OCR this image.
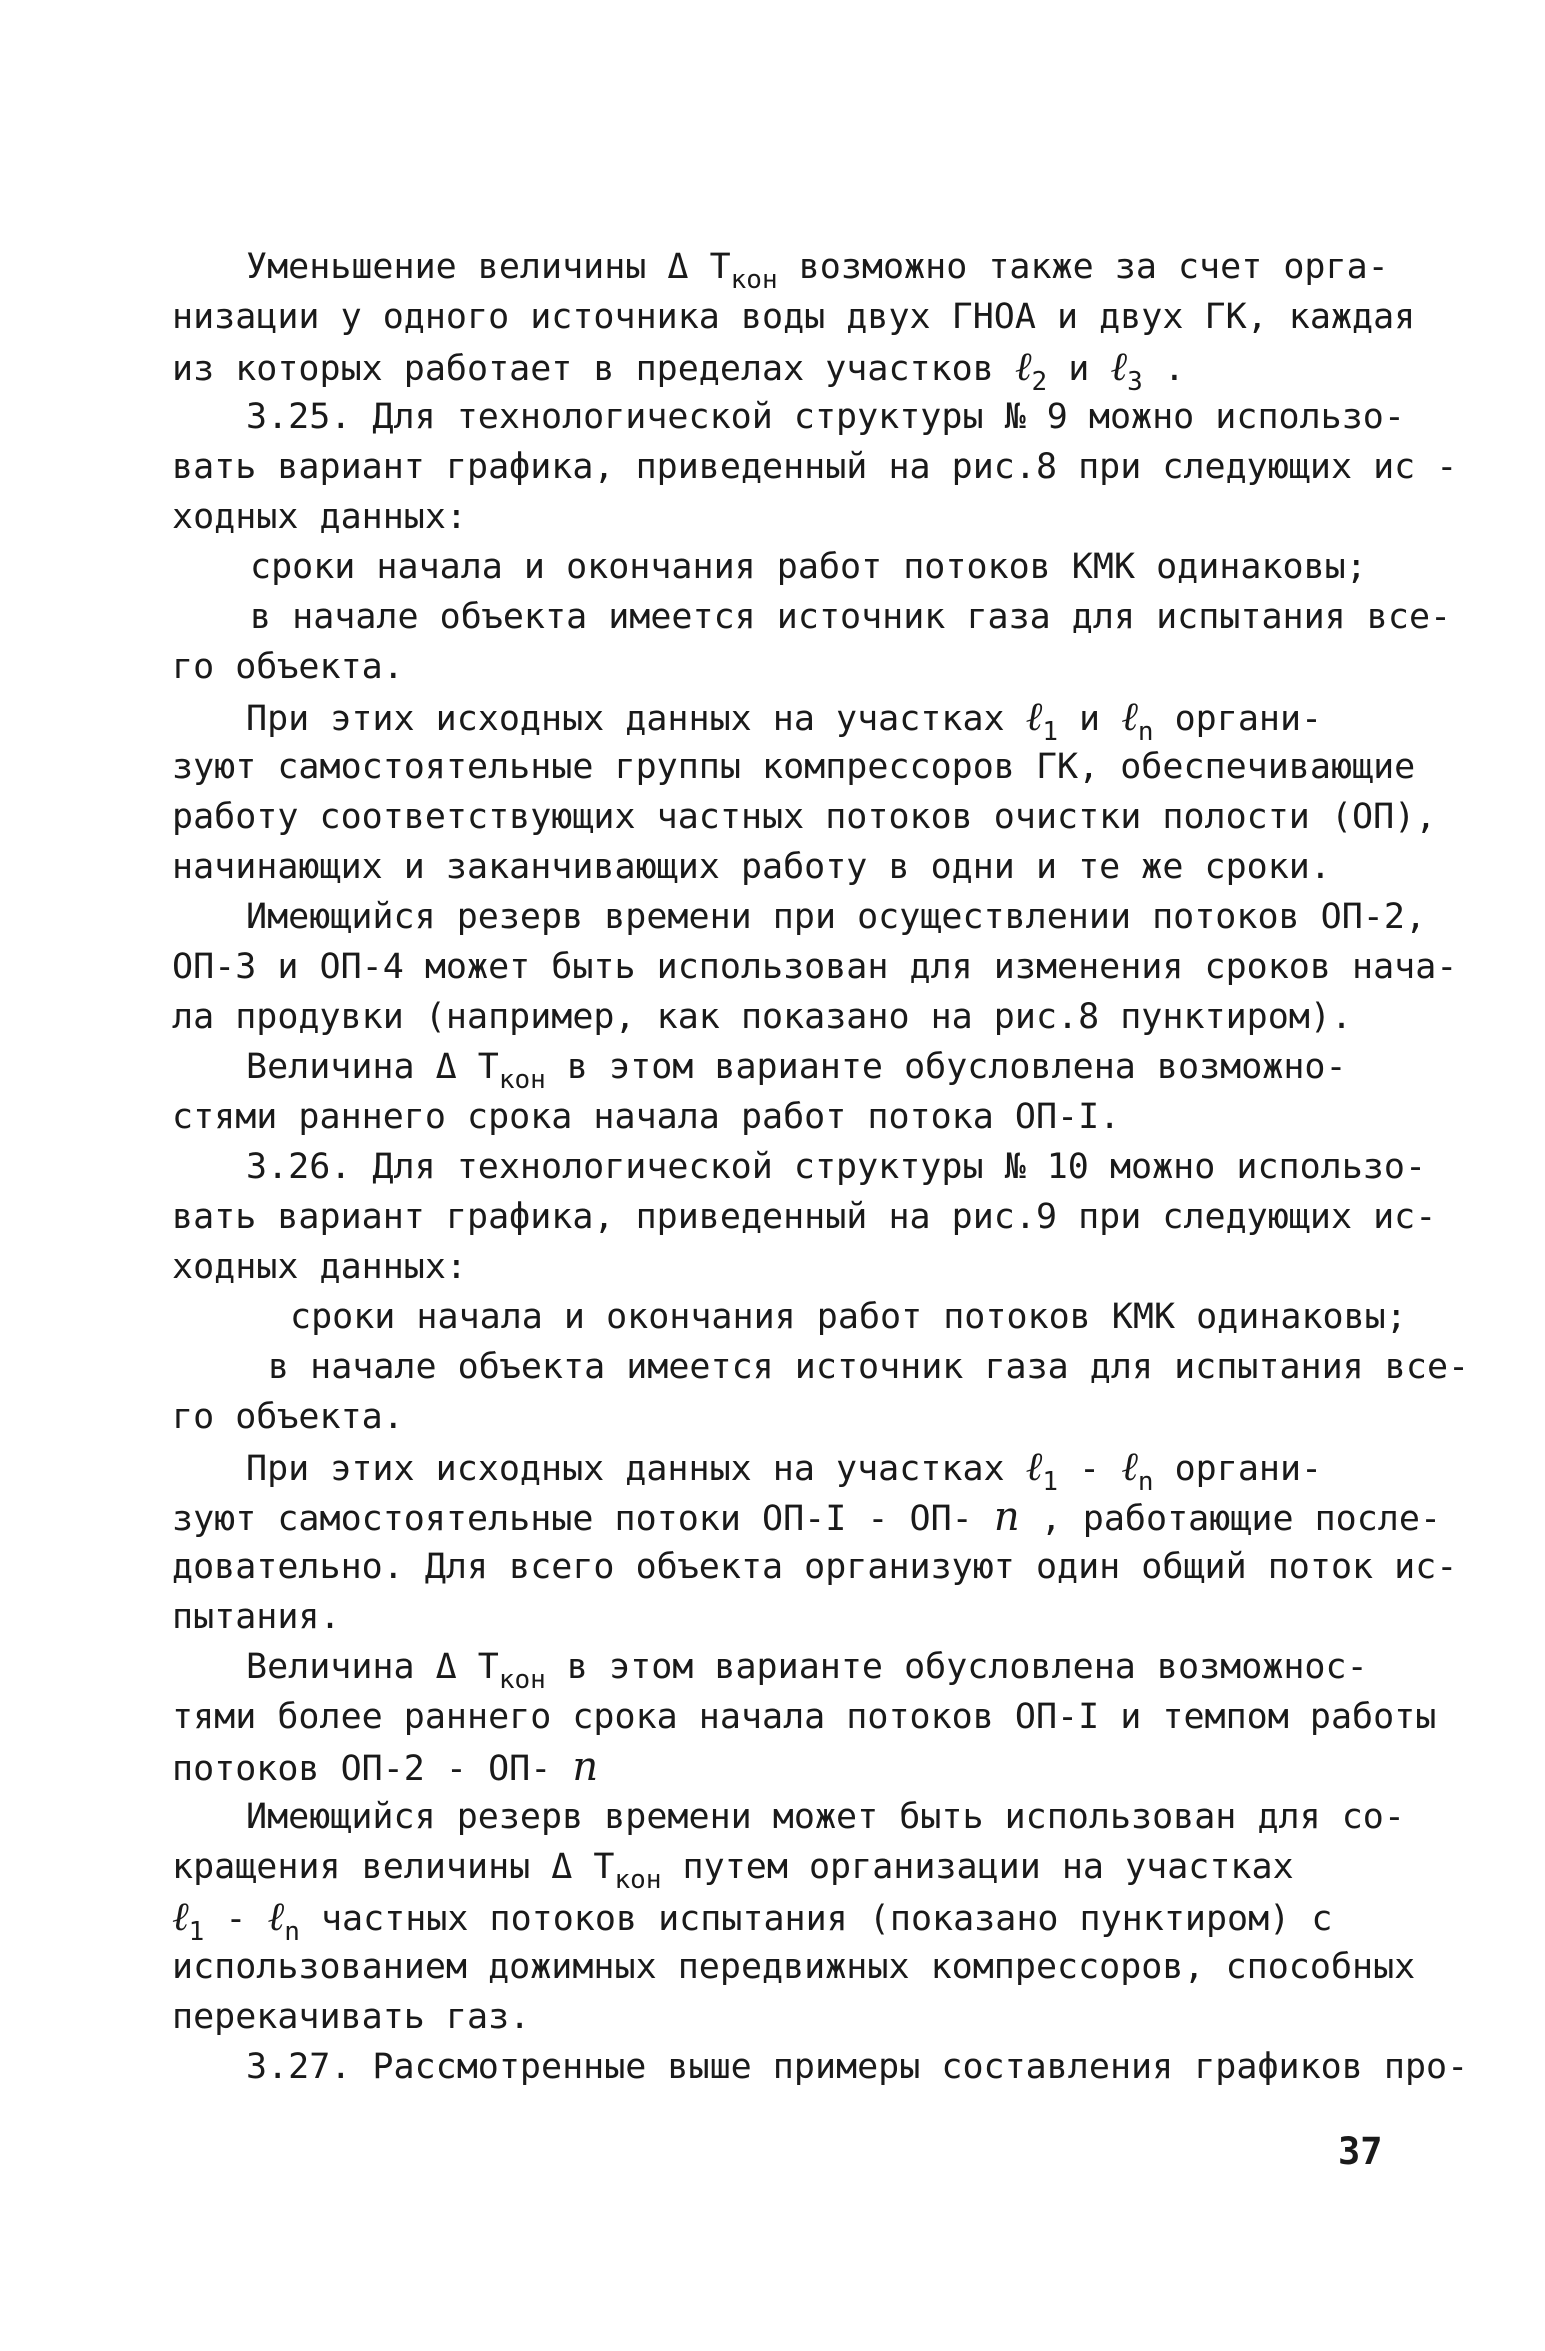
Уменьшение величины Δ $Т_{кон}$ возможно также за счет орга-
низации у одного источника воды двух ГНОА и двух ГК, каждая
из которых работает в пределах участков ℓ$_2$ и ℓ$_3$ .
3.25. Для технологической структуры № 9 можно использо-
вать вариант графика, приведенный на рис.8 при следующих ис -
ходных данных:
сроки начала и окончания работ потоков КМК одинаковы;
в начале объекта имеется источник газа для испытания все-
го объекта.
При этих исходных данных на участках ℓ$_1$ и ℓ$_n$ органи-
зуют самостоятельные группы компрессоров ГК, обеспечивающие
работу соответствующих частных потоков очистки полости (ОП),
начинающих и заканчивающих работу в одни и те же сроки.
Имеющийся резерв времени при осуществлении потоков ОП-2,
ОП-3 и ОП-4 может быть использован для изменения сроков нача-
ла продувки (например, как показано на рис.8 пунктиром).
Величина Δ $Т_{кон}$ в этом варианте обусловлена возможно-
стями раннего срока начала работ потока ОП-I.
3.26. Для технологической структуры № 10 можно использо-
вать вариант графика, приведенный на рис.9 при следующих ис-
ходных данных:
сроки начала и окончания работ потоков КМК одинаковы;
в начале объекта имеется источник газа для испытания все-
го объекта.
При этих исходных данных на участках ℓ$_1$ - ℓ$_n$ органи-
зуют самостоятельные потоки ОП-I - ОП- n , работающие после-
довательно. Для всего объекта организуют один общий поток ис-
пытания.
Величина Δ $Т_{кон}$ в этом варианте обусловлена возможнос-
тями более раннего срока начала потоков ОП-I и темпом работы
потоков ОП-2 - ОП- n
Имеющийся резерв времени может быть использован для со-
кращения величины Δ $Т_{кон}$ путем организации на участках
ℓ$_1$ - ℓ$_n$ частных потоков испытания (показано пунктиром) с
использованием дожимных передвижных компрессоров, способных
перекачивать газ.
3.27. Рассмотренные выше примеры составления графиков про-
37
